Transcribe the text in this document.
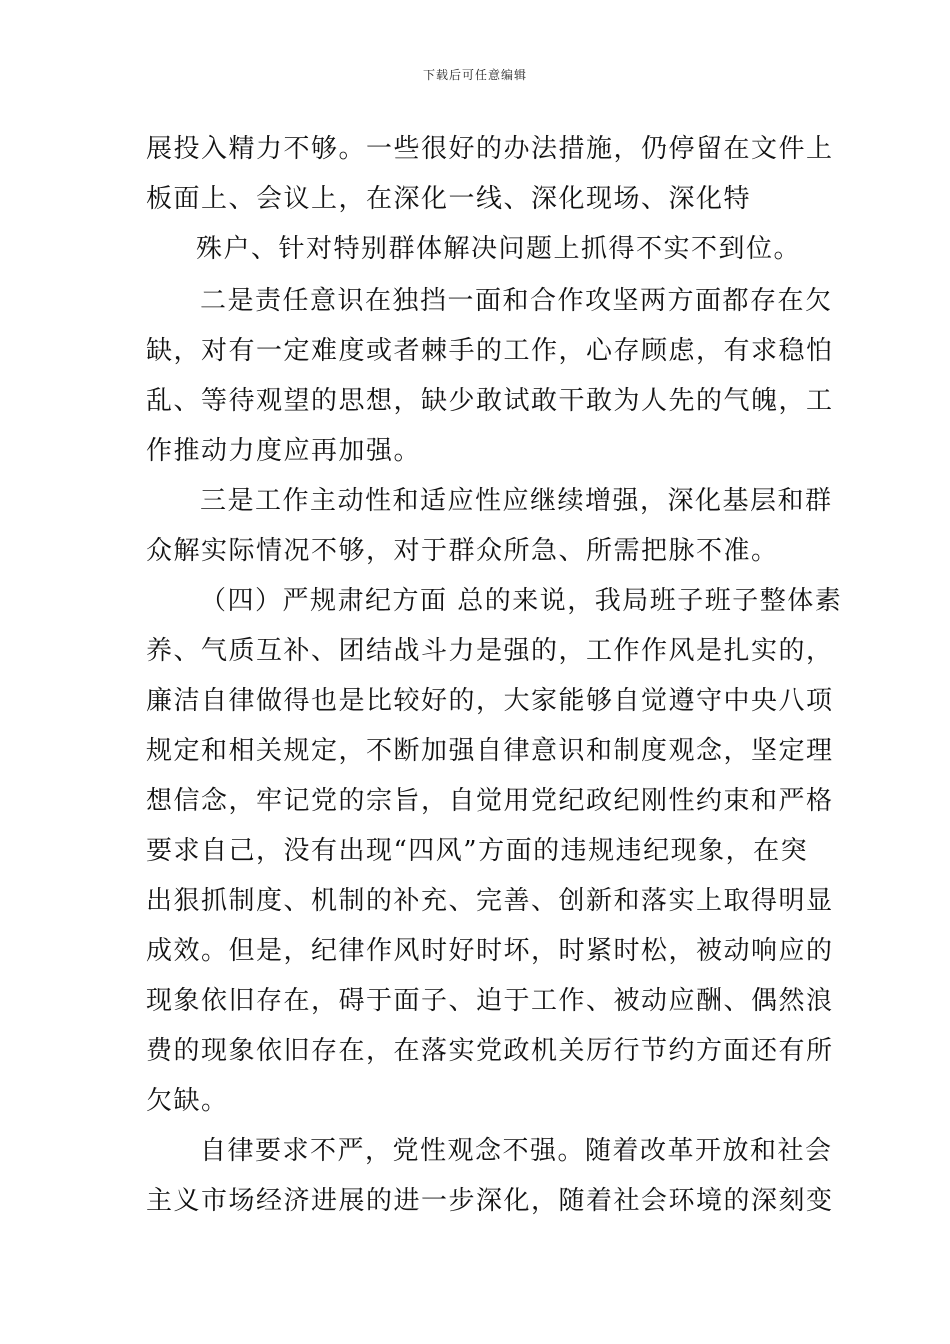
下载后可任意编辑
展投入精力不够。一些很好的办法措施，仍停留在文件上
板面上、会议上，在深化一线、深化现场、深化特
殊户、针对特别群体解决问题上抓得不实不到位。
二是责任意识在独挡一面和合作攻坚两方面都存在欠
缺，对有一定难度或者棘手的工作，心存顾虑，有求稳怕
乱、等待观望的思想，缺少敢试敢干敢为人先的气魄，工
作推动力度应再加强。
三是工作主动性和适应性应继续增强，深化基层和群
众解实际情况不够，对于群众所急、所需把脉不准。
（四）严规肃纪方面 总的来说，我局班子班子整体素
养、气质互补、团结战斗力是强的，工作作风是扎实的，
廉洁自律做得也是比较好的，大家能够自觉遵守中央八项
规定和相关规定，不断加强自律意识和制度观念，坚定理
想信念，牢记党的宗旨，自觉用党纪政纪刚性约束和严格
要求自己，没有出现“四风”方面的违规违纪现象，在突
出狠抓制度、机制的补充、完善、创新和落实上取得明显
成效。但是，纪律作风时好时坏，时紧时松，被动响应的
现象依旧存在，碍于面子、迫于工作、被动应酬、偶然浪
费的现象依旧存在，在落实党政机关厉行节约方面还有所
欠缺。
自律要求不严，党性观念不强。随着改革开放和社会
主义市场经济进展的进一步深化，随着社会环境的深刻变
